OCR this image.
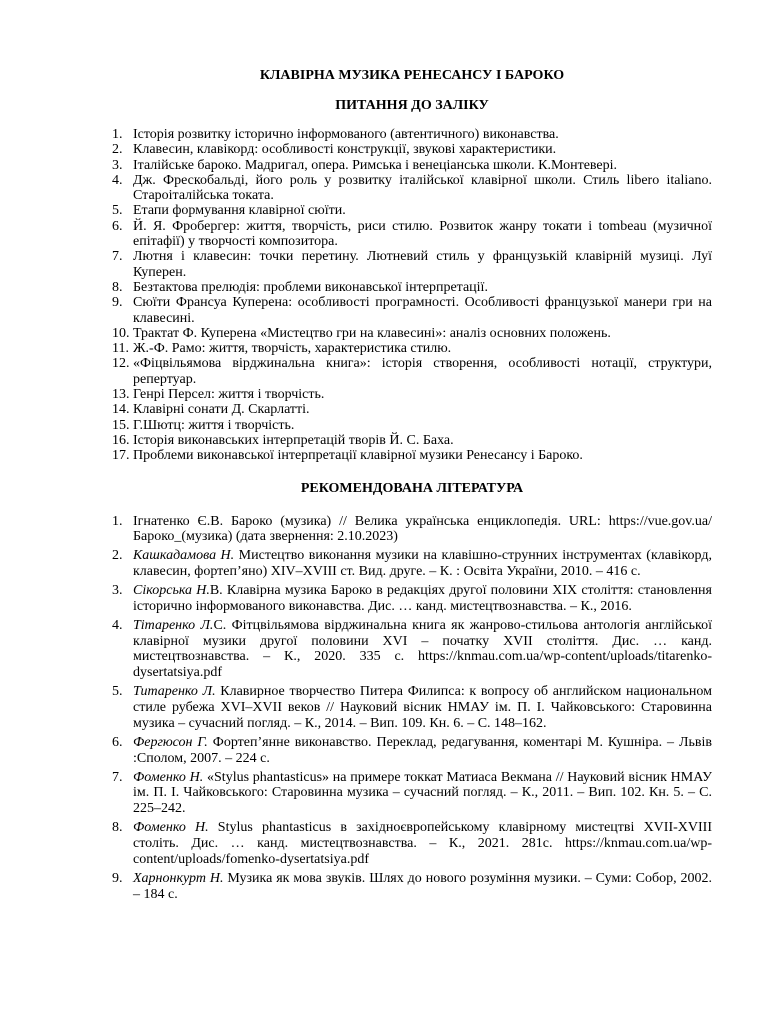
КЛАВІРНА МУЗИКА РЕНЕСАНСУ І БАРОКО

ПИТАННЯ ДО ЗАЛІКУ

1. Історія розвитку історично інформованого (автентичного) виконавства.
2. Клавесин, клавікорд: особливості конструкції, звукові характеристики.
3. Італійське бароко. Мадригал, опера. Римська і венеціанська школи. К.Монтевері.
4. Дж. Фрескобальді, його роль у розвитку італійської клавірної школи. Стиль libero italiano. Староіталійська токата.
5. Етапи формування клавірної сюїти.
6. Й. Я. Фробергер: життя, творчість, риси стилю. Розвиток жанру токати і tombeau (музичної епітафії) у творчості композитора.
7. Лютня і клавесин: точки перетину. Лютневий стиль у французькій клавірній музиці. Луї Куперен.
8. Безтактова прелюдія: проблеми виконавської інтерпретації.
9. Сюїти Франсуа Куперена: особливості програмності. Особливості французької манери гри на клавесині.
10. Трактат Ф. Куперена «Мистецтво гри на клавесині»: аналіз основних положень.
11. Ж.-Ф. Рамо: життя, творчість, характеристика стилю.
12. «Фіцвільямова вірджинальна книга»: історія створення, особливості нотації, структури, репертуар.
13. Генрі Персел: життя і творчість.
14. Клавірні сонати Д. Скарлатті.
15. Г.Шютц: життя і творчість.
16. Історія виконавських інтерпретацій творів Й. С. Баха.
17. Проблеми виконавської інтерпретації клавірної музики Ренесансу і Бароко.

РЕКОМЕНДОВАНА ЛІТЕРАТУРА

1. Ігнатенко Є.В. Бароко (музика) // Велика українська енциклопедія. URL: https://vue.gov.ua/Бароко_(музика) (дата звернення: 2.10.2023)
2. Кашкадамова Н. Мистецтво виконання музики на клавішно-струнних інструментах (клавікорд, клавесин, фортеп’яно) XIV–XVIII ст. Вид. друге. – К. : Освіта України, 2010. – 416 с.
3. Сікорська Н.В. Клавірна музика Бароко в редакціях другої половини ХІХ століття: становлення історично інформованого виконавства. Дис. … канд. мистецтвознавства. – К., 2016.
4. Тітаренко Л.С. Фітцвільямова вірджинальна книга як жанрово-стильова антологія англійської клавірної музики другої половини XVI – початку XVII століття. Дис. … канд. мистецтвознавства. – К., 2020. 335 с. https://knmau.com.ua/wp-content/uploads/titarenko-dysertatsiya.pdf
5. Титаренко Л. Клавирное творчество Питера Филипса: к вопросу об английском национальном стиле рубежа XVI–XVII веков // Науковий вісник НМАУ ім. П. І. Чайковського: Старовинна музика – сучасний погляд. – К., 2014. – Вип. 109. Кн. 6. – С. 148–162.
6. Фергюсон Г. Фортеп’янне виконавство. Переклад, редагування, коментарі М. Кушніра. – Львів :Сполом, 2007. – 224 с.
7. Фоменко Н. «Stylus phantasticus» на примере токкат Матиаса Векмана // Науковий вісник НМАУ ім. П. І. Чайковського: Старовинна музика – сучасний погляд. – К., 2011. – Вип. 102. Кн. 5. – С. 225–242.
8. Фоменко Н. Stylus phantasticus в західноєвропейському клавірному мистецтві XVII-XVIII століть. Дис. … канд. мистецтвознавства. – К., 2021. 281с. https://knmau.com.ua/wp-content/uploads/fomenko-dysertatsiya.pdf
9. Харнонкурт Н. Музика як мова звуків. Шлях до нового розуміння музики. – Суми: Собор, 2002. – 184 с.
